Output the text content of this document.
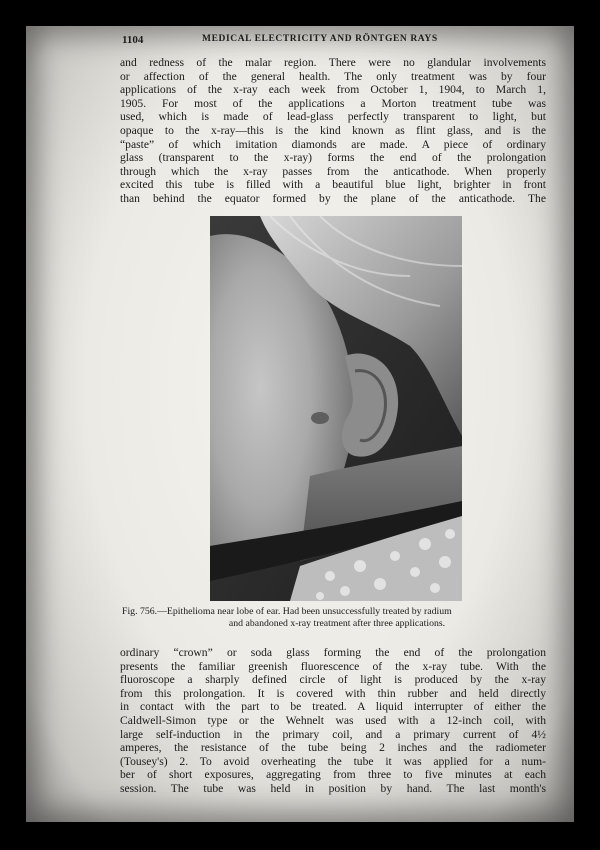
1104	MEDICAL ELECTRICITY AND RÖNTGEN RAYS
and redness of the malar region. There were no glandular involvements
or affection of the general health. The only treatment was by four
applications of the x-ray each week from October 1, 1904, to March 1,
1905. For most of the applications a Morton treatment tube was
used, which is made of lead-glass perfectly transparent to light, but
opaque to the x-ray—this is the kind known as flint glass, and is the
“paste” of which imitation diamonds are made. A piece of ordinary
glass (transparent to the x-ray) forms the end of the prolongation
through which the x-ray passes from the anticathode. When properly
excited this tube is filled with a beautiful blue light, brighter in front
than behind the equator formed by the plane of the anticathode. The
Fig. 756.—Epithelioma near lobe of ear. Had been unsuccessfully treated by radium
and abandoned x-ray treatment after three applications.
ordinary “crown” or soda glass forming the end of the prolongation
presents the familiar greenish fluorescence of the x-ray tube. With the
fluoroscope a sharply defined circle of light is produced by the x-ray
from this prolongation. It is covered with thin rubber and held directly
in contact with the part to be treated. A liquid interrupter of either the
Caldwell-Simon type or the Wehnelt was used with a 12-inch coil, with
large self-induction in the primary coil, and a primary current of 4½
amperes, the resistance of the tube being 2 inches and the radiometer
(Tousey's) 2. To avoid overheating the tube it was applied for a num-
ber of short exposures, aggregating from three to five minutes at each
session. The tube was held in position by hand. The last month's
